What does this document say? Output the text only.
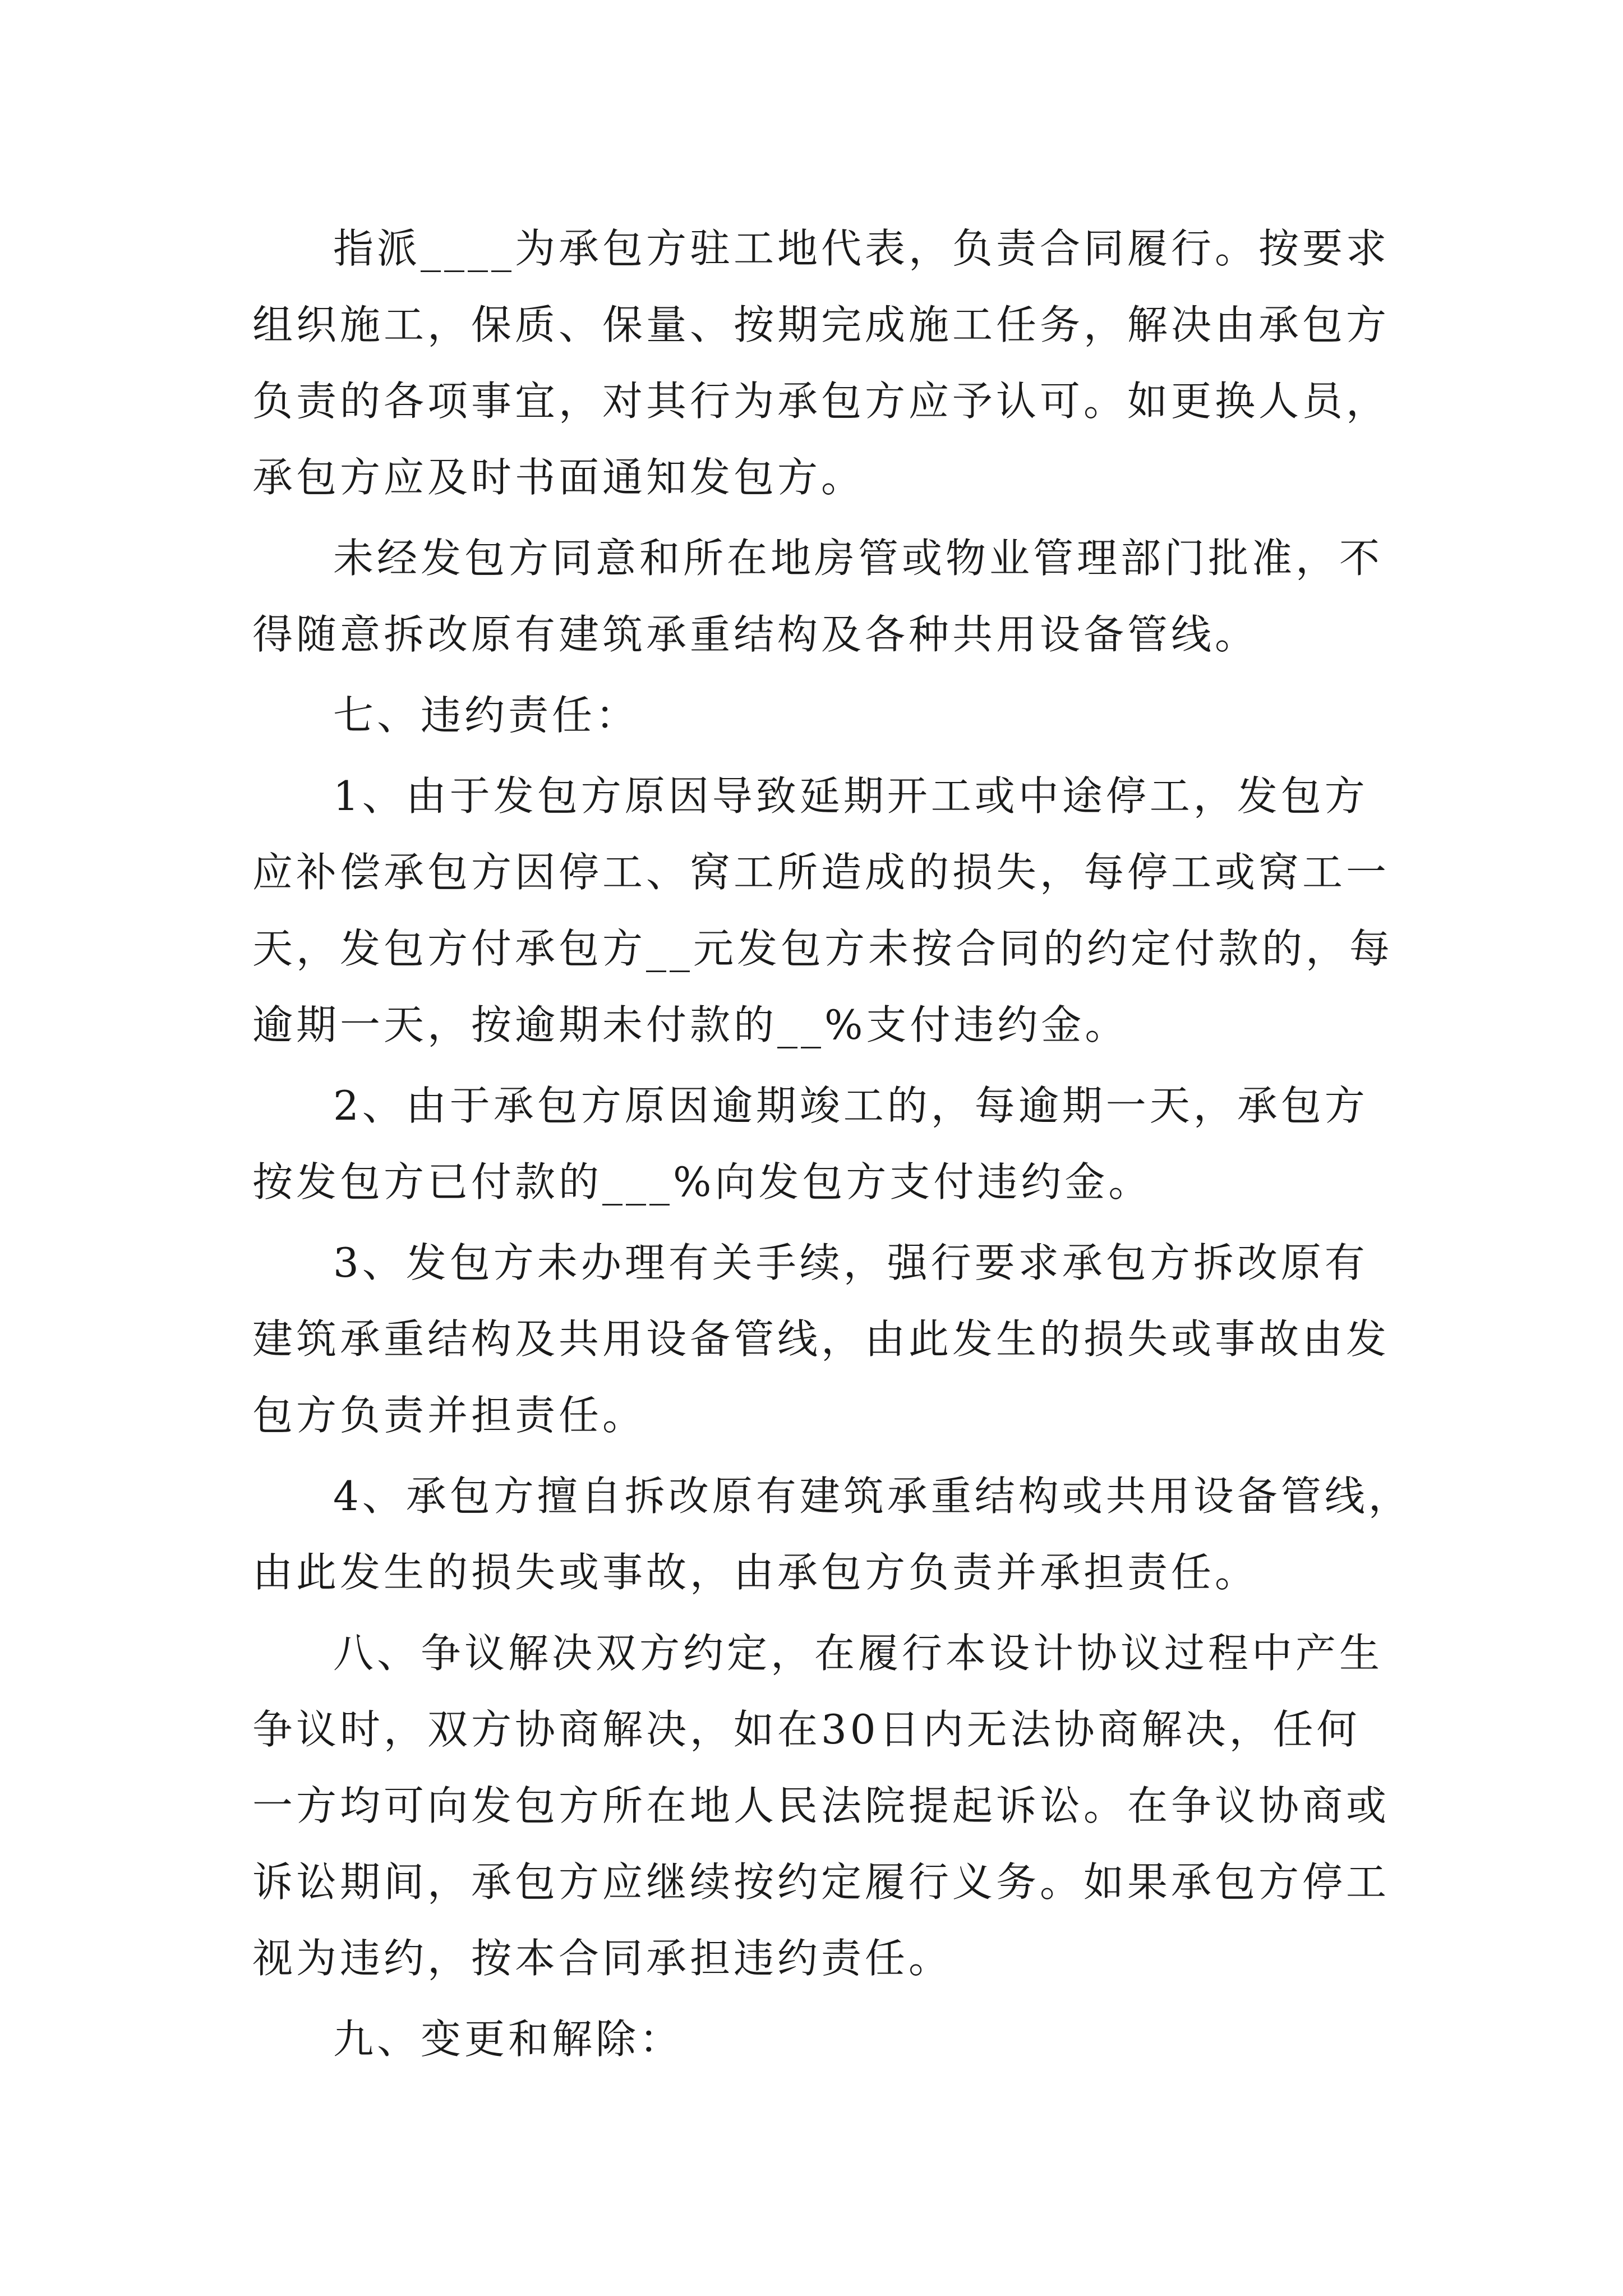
指派____为承包方驻工地代表，负责合同履行。按要求
组织施工，保质、保量、按期完成施工任务，解决由承包方
负责的各项事宜，对其行为承包方应予认可。如更换人员，
承包方应及时书面通知发包方。
未经发包方同意和所在地房管或物业管理部门批准，不
得随意拆改原有建筑承重结构及各种共用设备管线。
七、违约责任：
1、由于发包方原因导致延期开工或中途停工，发包方
应补偿承包方因停工、窝工所造成的损失，每停工或窝工一
天，发包方付承包方__元发包方未按合同的约定付款的，每
逾期一天，按逾期未付款的__%支付违约金。
2、由于承包方原因逾期竣工的，每逾期一天，承包方
按发包方已付款的___%向发包方支付违约金。
3、发包方未办理有关手续，强行要求承包方拆改原有
建筑承重结构及共用设备管线，由此发生的损失或事故由发
包方负责并担责任。
4、承包方擅自拆改原有建筑承重结构或共用设备管线，
由此发生的损失或事故，由承包方负责并承担责任。
八、争议解决双方约定，在履行本设计协议过程中产生
争议时，双方协商解决，如在30日内无法协商解决，任何
一方均可向发包方所在地人民法院提起诉讼。在争议协商或
诉讼期间，承包方应继续按约定履行义务。如果承包方停工
视为违约，按本合同承担违约责任。
九、变更和解除：
